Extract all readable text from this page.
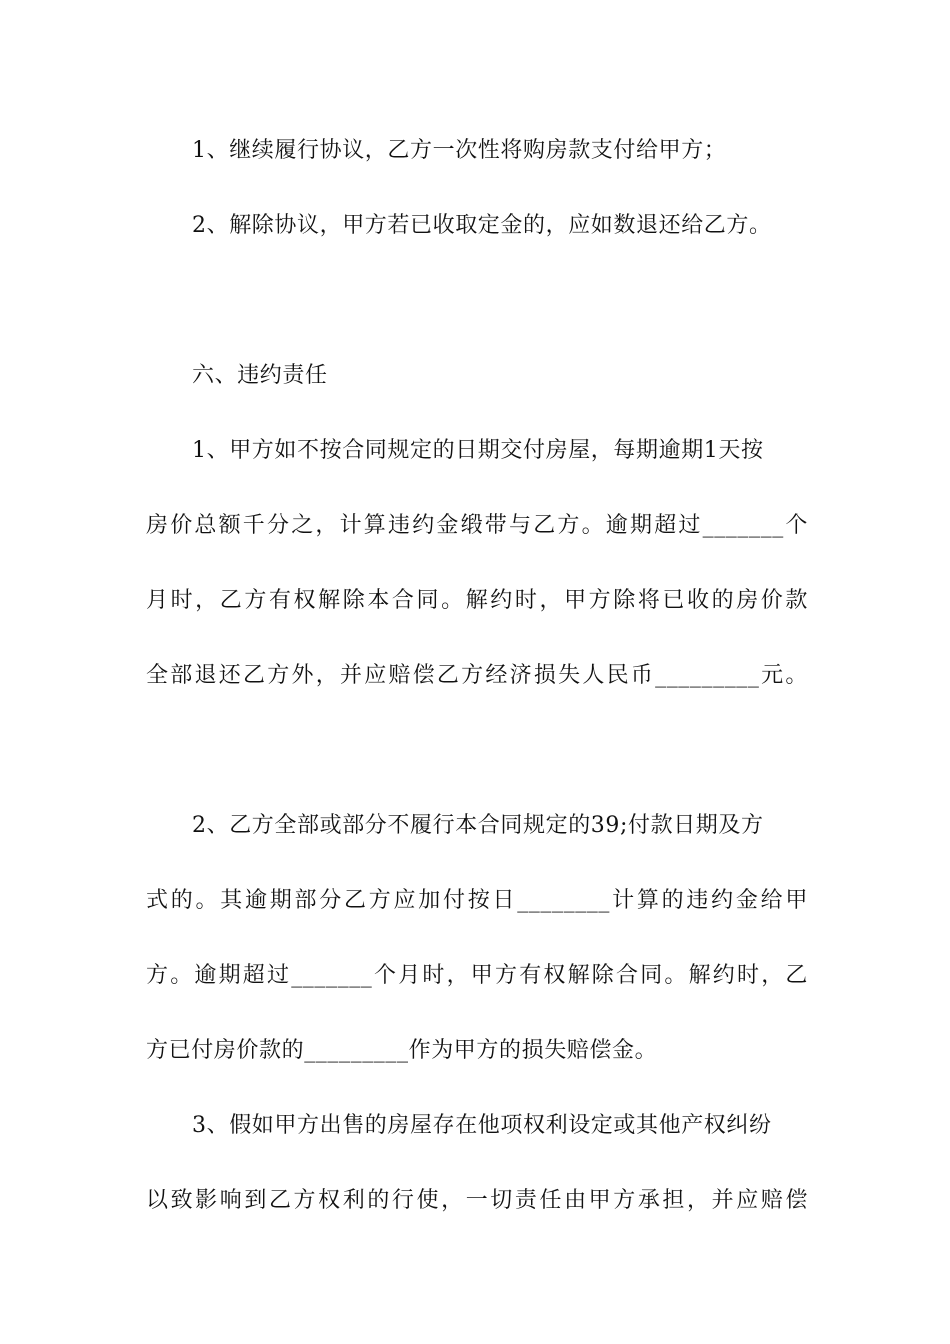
1、继续履行协议，乙方一次性将购房款支付给甲方；
2、解除协议，甲方若已收取定金的，应如数退还给乙方。
六、违约责任
1、甲方如不按合同规定的日期交付房屋，每期逾期1天按
房价总额千分之，计算违约金缎带与乙方。逾期超过_______个
月时，乙方有权解除本合同。解约时，甲方除将已收的房价款
全部退还乙方外，并应赔偿乙方经济损失人民币_________元。
2、乙方全部或部分不履行本合同规定的39;付款日期及方
式的。其逾期部分乙方应加付按日________计算的违约金给甲
方。逾期超过_______个月时，甲方有权解除合同。解约时，乙
方已付房价款的_________作为甲方的损失赔偿金。
3、假如甲方出售的房屋存在他项权利设定或其他产权纠纷
以致影响到乙方权利的行使，一切责任由甲方承担，并应赔偿
